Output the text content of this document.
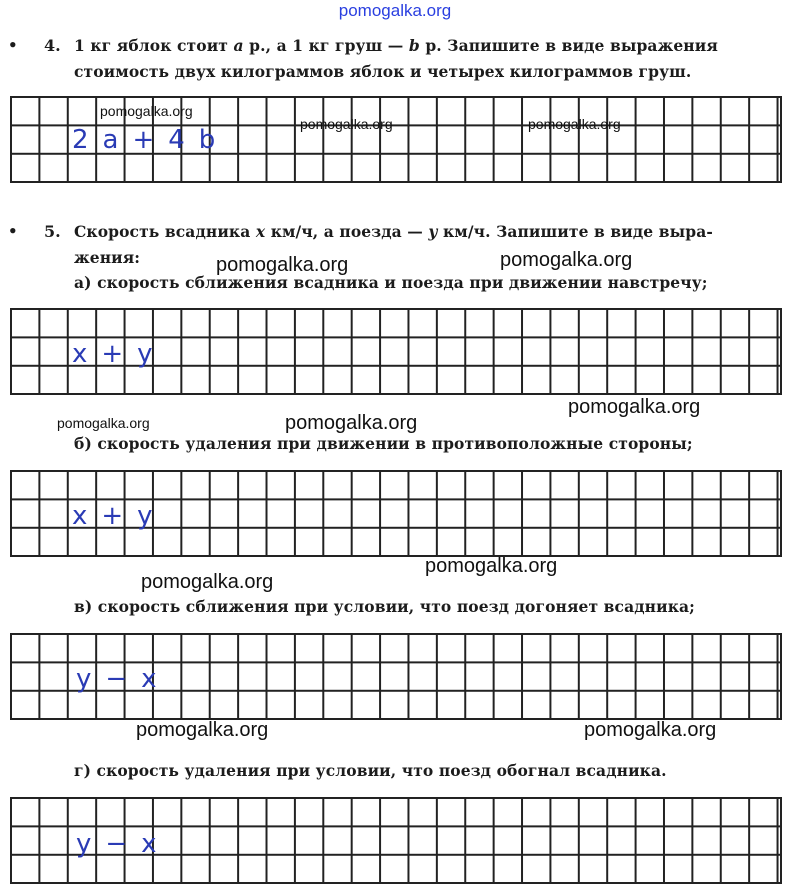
pomogalka.org
• 4. 1 кг яблок стоит a р., а 1 кг груш — b р. Запишите в виде выражения
стоимость двух килограммов яблок и четырех килограммов груш.
2a+4b
pomogalka.org
pomogalka.org	pomogalka.org
• 5. Скорость всадника x км/ч, а поезда — y км/ч. Запишите в виде выра-
жения:	pomogalka.org	pomogalka.org
а) скорость сближения всадника и поезда при движении навстречу;
x+y
pomogalka.org	pomogalka.org
pomogalka.org
б) скорость удаления при движении в противоположные стороны;
x+y
pomogalka.org
pomogalka.org
в) скорость сближения при условии, что поезд догоняет всадника;
y−x
pomogalka.org	pomogalka.org
г) скорость удаления при условии, что поезд обогнал всадника.
y−x
